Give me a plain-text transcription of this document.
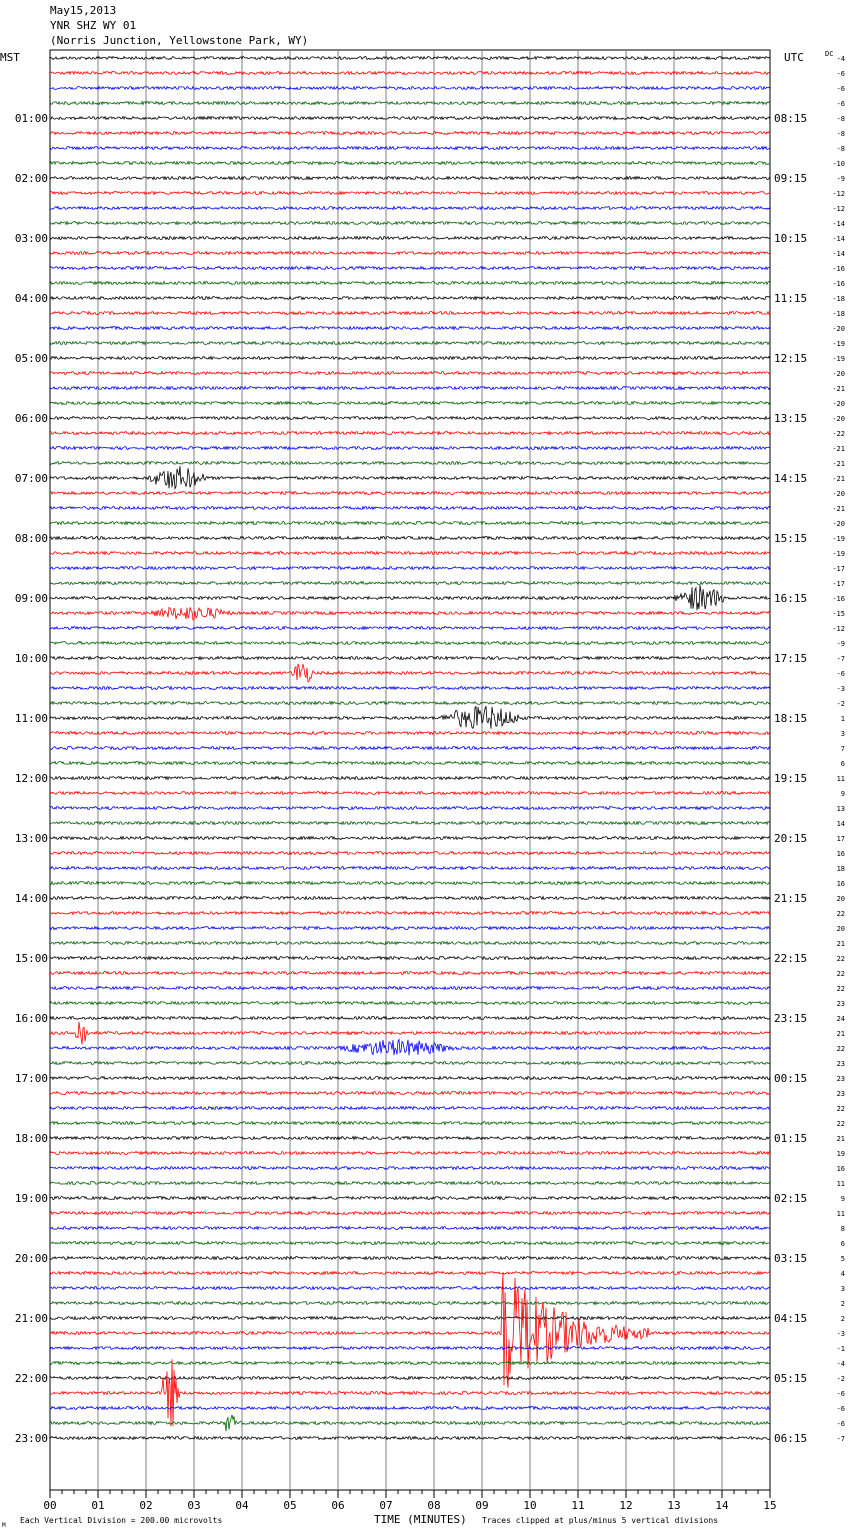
May15,2013
YNR SHZ WY 01
(Norris Junction, Yellowstone Park, WY)
-4
-6
-6
-6
-8
-8
-8
-10
-9
-12
-12
-14
-14
-14
-16
-16
-18
-18
-20
-19
-19
-20
-21
-20
-20
-22
-21
-21
-21
-20
-21
-20
-19
-19
-17
-17
-16
-15
-12
-9
-7
-6
-3
-2
1
3
7
6
11
9
13
14
17
16
18
16
20
22
20
21
22
22
22
23
24
21
22
23
23
23
22
22
21
19
16
11
9
11
8
6
5
4
3
2
2
-3
-1
-4
-2
-6
-6
-6
-7
01:00	08:15
02:00	09:15
03:00	10:15
04:00	11:15
05:00	12:15
06:00	13:15
07:00	14:15
08:00	15:15
09:00	16:15
10:00	17:15
11:00	18:15
12:00	19:15
13:00	20:15
14:00	21:15
15:00	22:15
16:00	23:15
17:00	00:15
18:00	01:15
19:00	02:15
20:00	03:15
21:00	04:15
22:00	05:15
23:00	06:15
00	01	02	03	04	05	06	07	08	09	10	11	12	13	14	15
MST	UTC	DC
TIME (MINUTES)
Each Vertical Division = 200.00 microvolts	Traces clipped at plus/minus 5 vertical divisions
M
